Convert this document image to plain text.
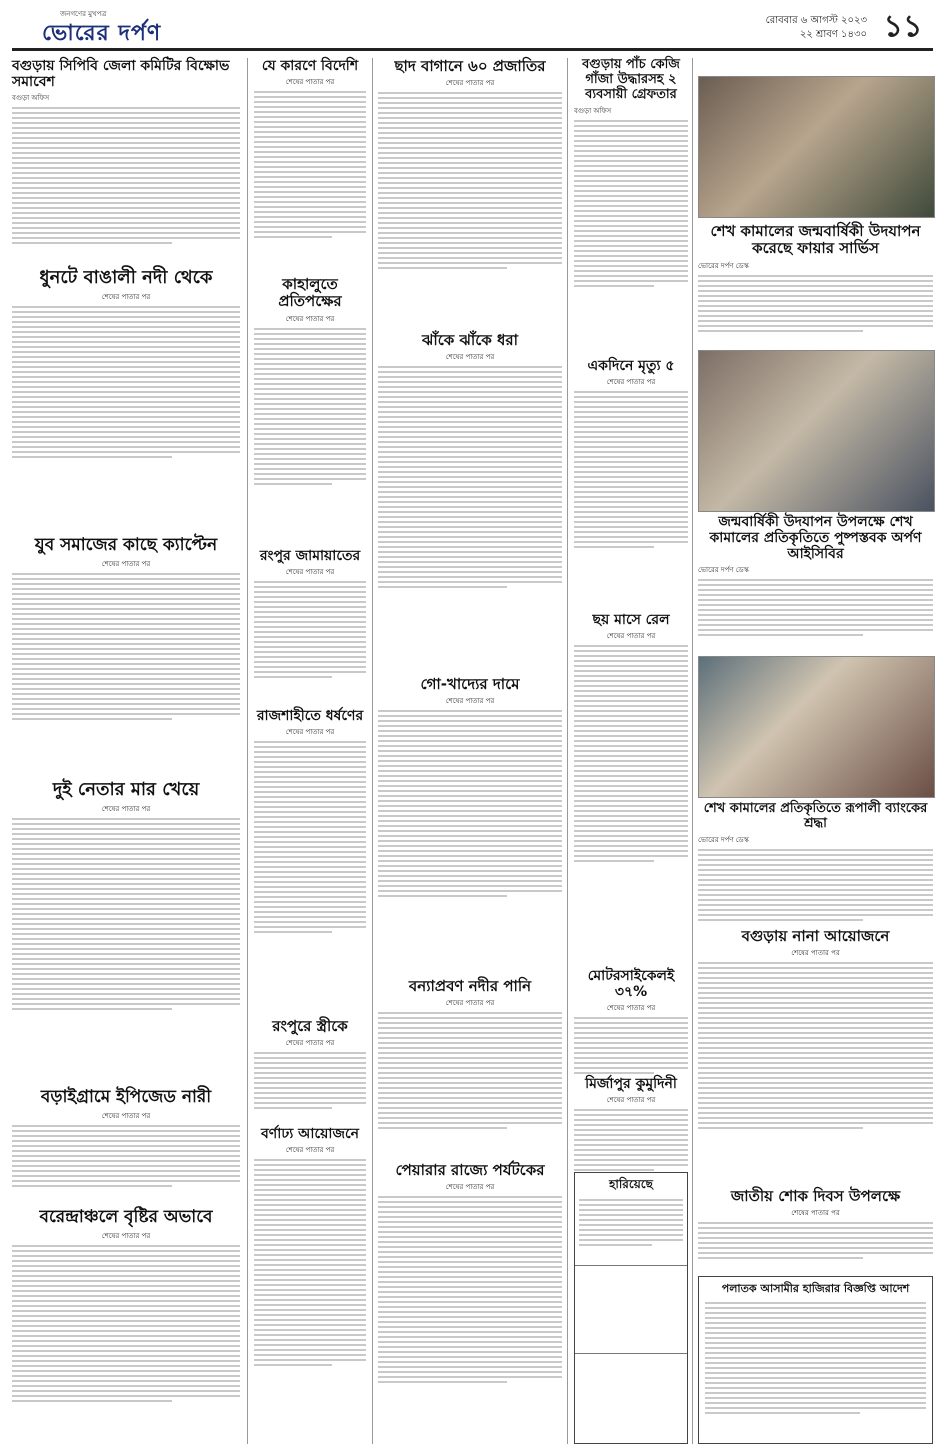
জনগণের মুখপত্র
ভোরের দর্পণ
রোববার ৬ আগস্ট ২০২৩
২২ শ্রাবণ ১৪৩০ ১১
বগুড়ায় সিপিবি জেলা কমিটির বিক্ষোভ সমাবেশ
বগুড়া অফিস
ধুনটে বাঙালী নদী থেকে
শেষের পাতার পর
যুব সমাজের কাছে ক্যাপ্টেন
শেষের পাতার পর
দুই নেতার মার খেয়ে
শেষের পাতার পর
বড়াইগ্রামে ইপিজেড নারী
শেষের পাতার পর
বরেন্দ্রাঞ্চলে বৃষ্টির অভাবে
শেষের পাতার পর
যে কারণে বিদেশি
শেষের পাতার পর
কাহালুতে প্রতিপক্ষের
শেষের পাতার পর
রংপুর জামায়াতের
শেষের পাতার পর
রাজশাহীতে ধর্ষণের
শেষের পাতার পর
রংপুরে স্ত্রীকে
শেষের পাতার পর
বর্ণাঢ্য আয়োজনে
শেষের পাতার পর
ছাদ বাগানে ৬০ প্রজাতির
শেষের পাতার পর
ঝাঁকে ঝাঁকে ধরা
শেষের পাতার পর
গো-খাদ্যের দামে
শেষের পাতার পর
বন্যাপ্রবণ নদীর পানি
শেষের পাতার পর
পেয়ারার রাজ্যে পর্যটকের
শেষের পাতার পর
বগুড়ায় পাঁচ কেজি গাঁজা উদ্ধারসহ ২ ব্যবসায়ী গ্রেফতার
বগুড়া অফিস
একদিনে মৃত্যু ৫
শেষের পাতার পর
ছয় মাসে রেল
শেষের পাতার পর
মোটরসাইকেলই ৩৭%
শেষের পাতার পর
মির্জাপুর কুমুদিনী
শেষের পাতার পর
হারিয়েছে
শেখ কামালের জন্মবার্ষিকী উদযাপন করেছে ফায়ার সার্ভিস
ভোরের দর্পণ ডেস্ক
জন্মবার্ষিকী উদযাপন উপলক্ষে শেখ কামালের প্রতিকৃতিতে পুষ্পস্তবক অর্পণ আইসিবির
ভোরের দর্পণ ডেস্ক
শেখ কামালের প্রতিকৃতিতে রূপালী ব্যাংকের শ্রদ্ধা
ভোরের দর্পণ ডেস্ক
বগুড়ায় নানা আয়োজনে
শেষের পাতার পর
জাতীয় শোক দিবস উপলক্ষে
শেষের পাতার পর
পলাতক আসামীর হাজিরার বিজ্ঞপ্তি আদেশ
